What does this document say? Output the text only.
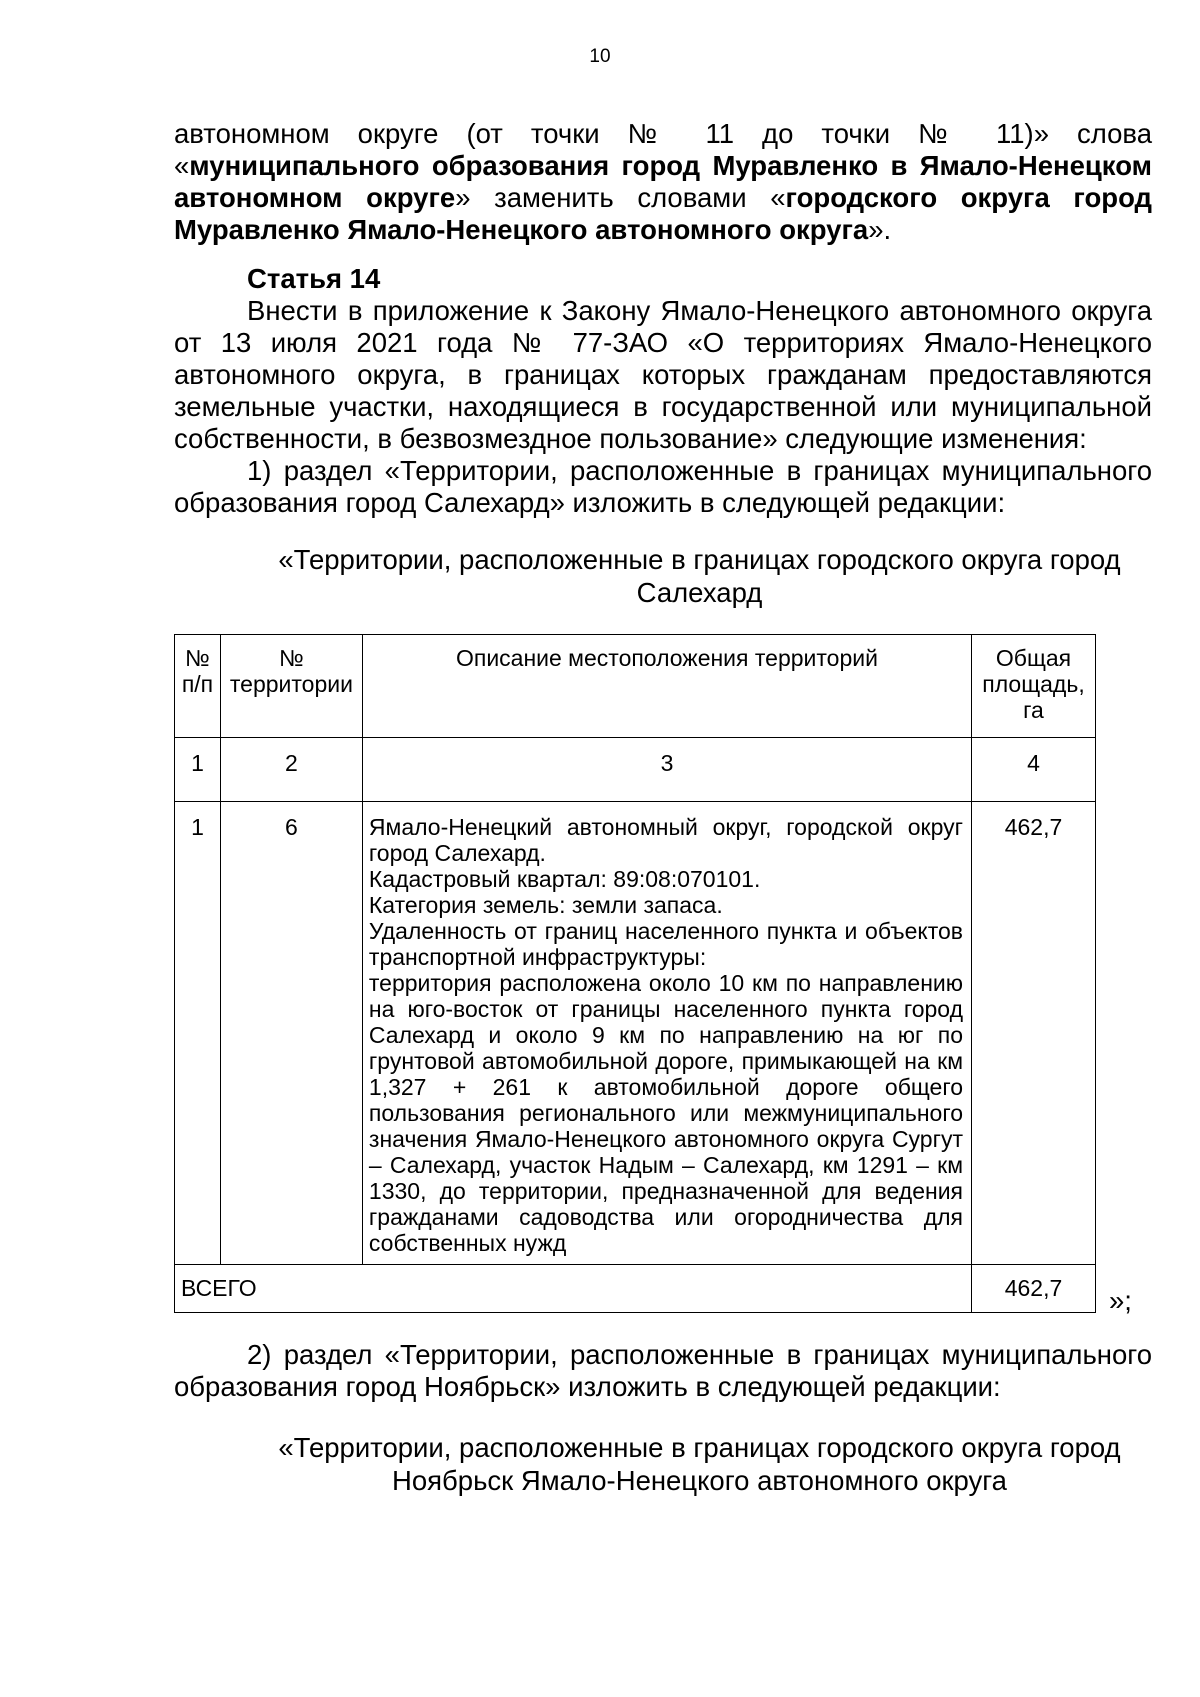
10

автономном округе (от точки № 11 до точки № 11)» слова «муниципального образования город Муравленко в Ямало-Ненецком автономном округе» заменить словами «городского округа город Муравленко Ямало-Ненецкого автономного округа».

Статья 14

Внести в приложение к Закону Ямало-Ненецкого автономного округа от 13 июля 2021 года № 77-ЗАО «О территориях Ямало-Ненецкого автономного округа, в границах которых гражданам предоставляются земельные участки, находящиеся в государственной или муниципальной собственности, в безвозмездное пользование» следующие изменения:

1) раздел «Территории, расположенные в границах муниципального образования город Салехард» изложить в следующей редакции:

«Территории, расположенные в границах городского округа город Салехард

№ п/п	№ территории	Описание местоположения территорий	Общая площадь, га
1	2	3	4
1	6	Ямало-Ненецкий автономный округ, городской округ город Салехард.
Кадастровый квартал: 89:08:070101.
Категория земель: земли запаса.
Удаленность от границ населенного пункта и объектов транспортной инфраструктуры:
территория расположена около 10 км по направлению на юго-восток от границы населенного пункта город Салехард и около 9 км по направлению на юг по грунтовой автомобильной дороге, примыкающей на км 1,327 + 261 к автомобильной дороге общего пользования регионального или межмуниципального значения Ямало-Ненецкого автономного округа Сургут – Салехард, участок Надым – Салехард, км 1291 – км 1330, до территории, предназначенной для ведения гражданами садоводства или огородничества для собственных нужд	462,7
ВСЕГО			462,7 »;

2) раздел «Территории, расположенные в границах муниципального образования город Ноябрьск» изложить в следующей редакции:

«Территории, расположенные в границах городского округа город Ноябрьск Ямало-Ненецкого автономного округа
